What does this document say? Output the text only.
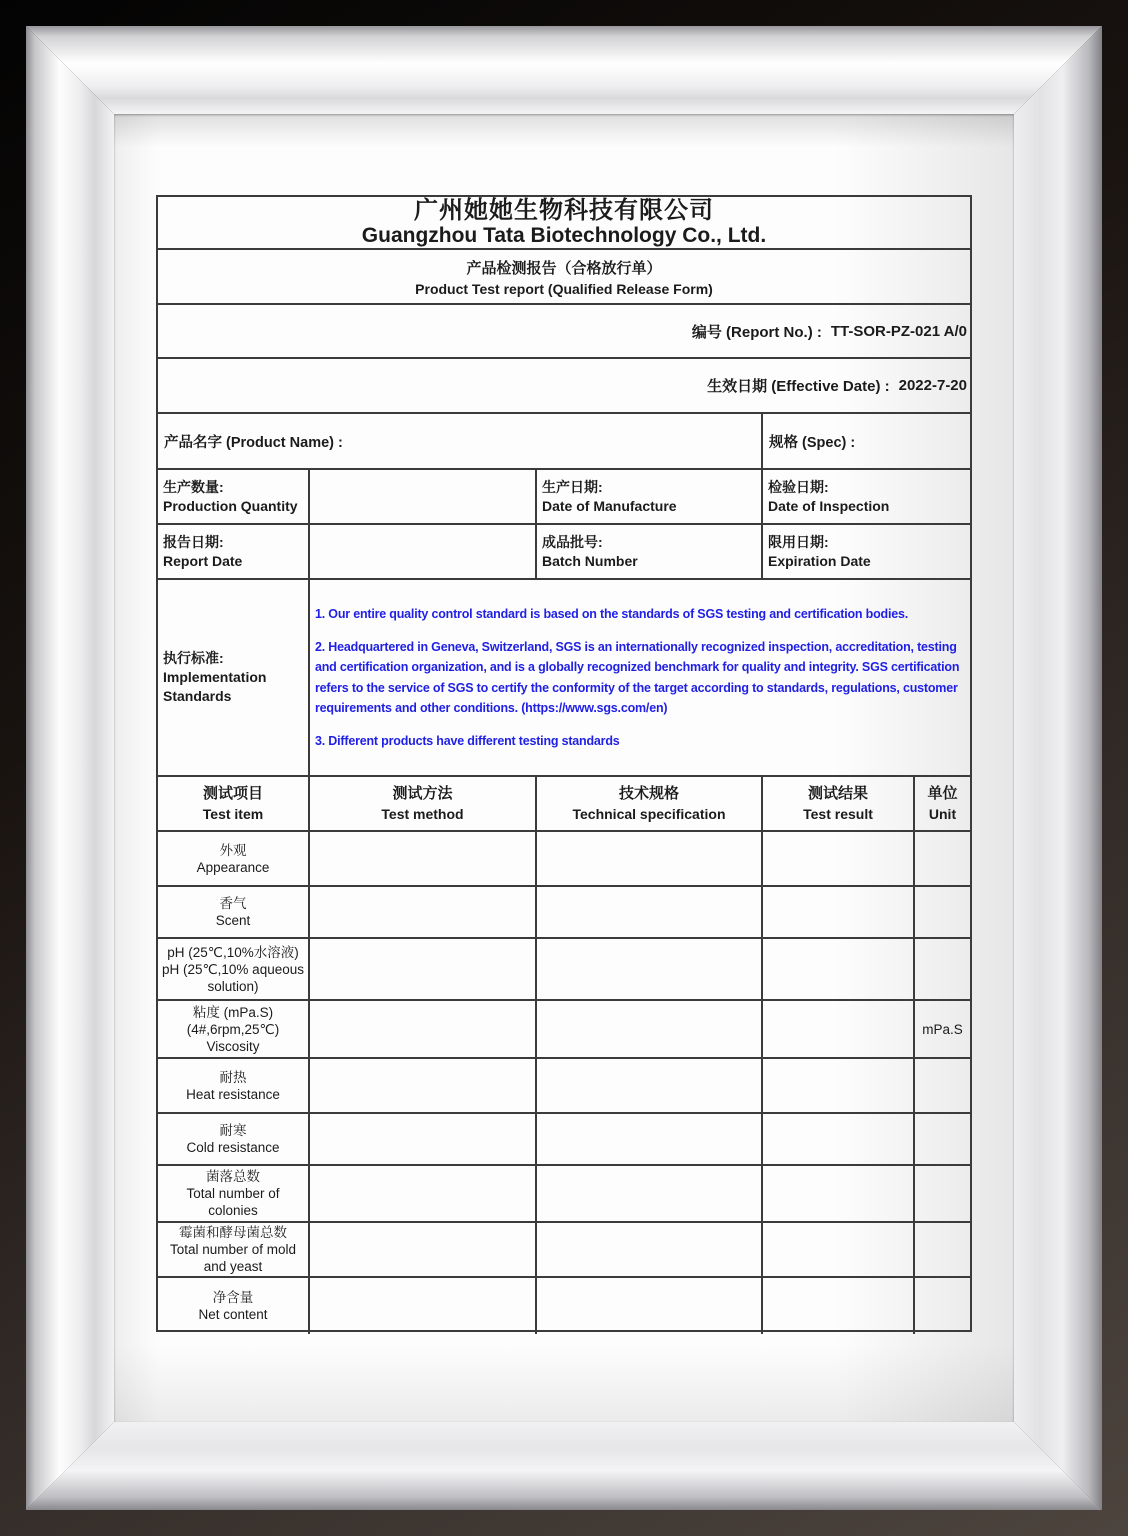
广州她她生物科技有限公司
Guangzhou Tata Biotechnology Co., Ltd.
产品检测报告（合格放行单）
Product Test report (Qualified Release Form)
编号 (Report No.) : TT-SOR-PZ-021 A/0
生效日期 (Effective Date) : 2022-7-20
产品名字 (Product Name) :	规格 (Spec) :
生产数量:
Production Quantity
生产日期:
Date of Manufacture
检验日期:
Date of Inspection
报告日期:
Report Date
成品批号:
Batch Number
限用日期:
Expiration Date
执行标准:
Implementation
Standards

1. Our entire quality control standard is based on the standards of SGS testing and certification bodies.

2. Headquartered in Geneva, Switzerland, SGS is an internationally recognized inspection, accreditation, testing and certification organization, and is a globally recognized benchmark for quality and integrity. SGS certification refers to the service of SGS to certify the conformity of the target according to standards, regulations, customer requirements and other conditions. (https://www.sgs.com/en)

3. Different products have different testing standards

测试项目
Test item
测试方法
Test method
技术规格
Technical specification
测试结果
Test result
单位
Unit
外观
Appearance
香气
Scent
pH (25℃,10%水溶液)
pH (25℃,10% aqueous solution)
粘度 (mPa.S)
(4#,6rpm,25℃)
Viscosity
mPa.S
耐热
Heat resistance
耐寒
Cold resistance
菌落总数
Total number of colonies
霉菌和酵母菌总数
Total number of mold and yeast
净含量
Net content
